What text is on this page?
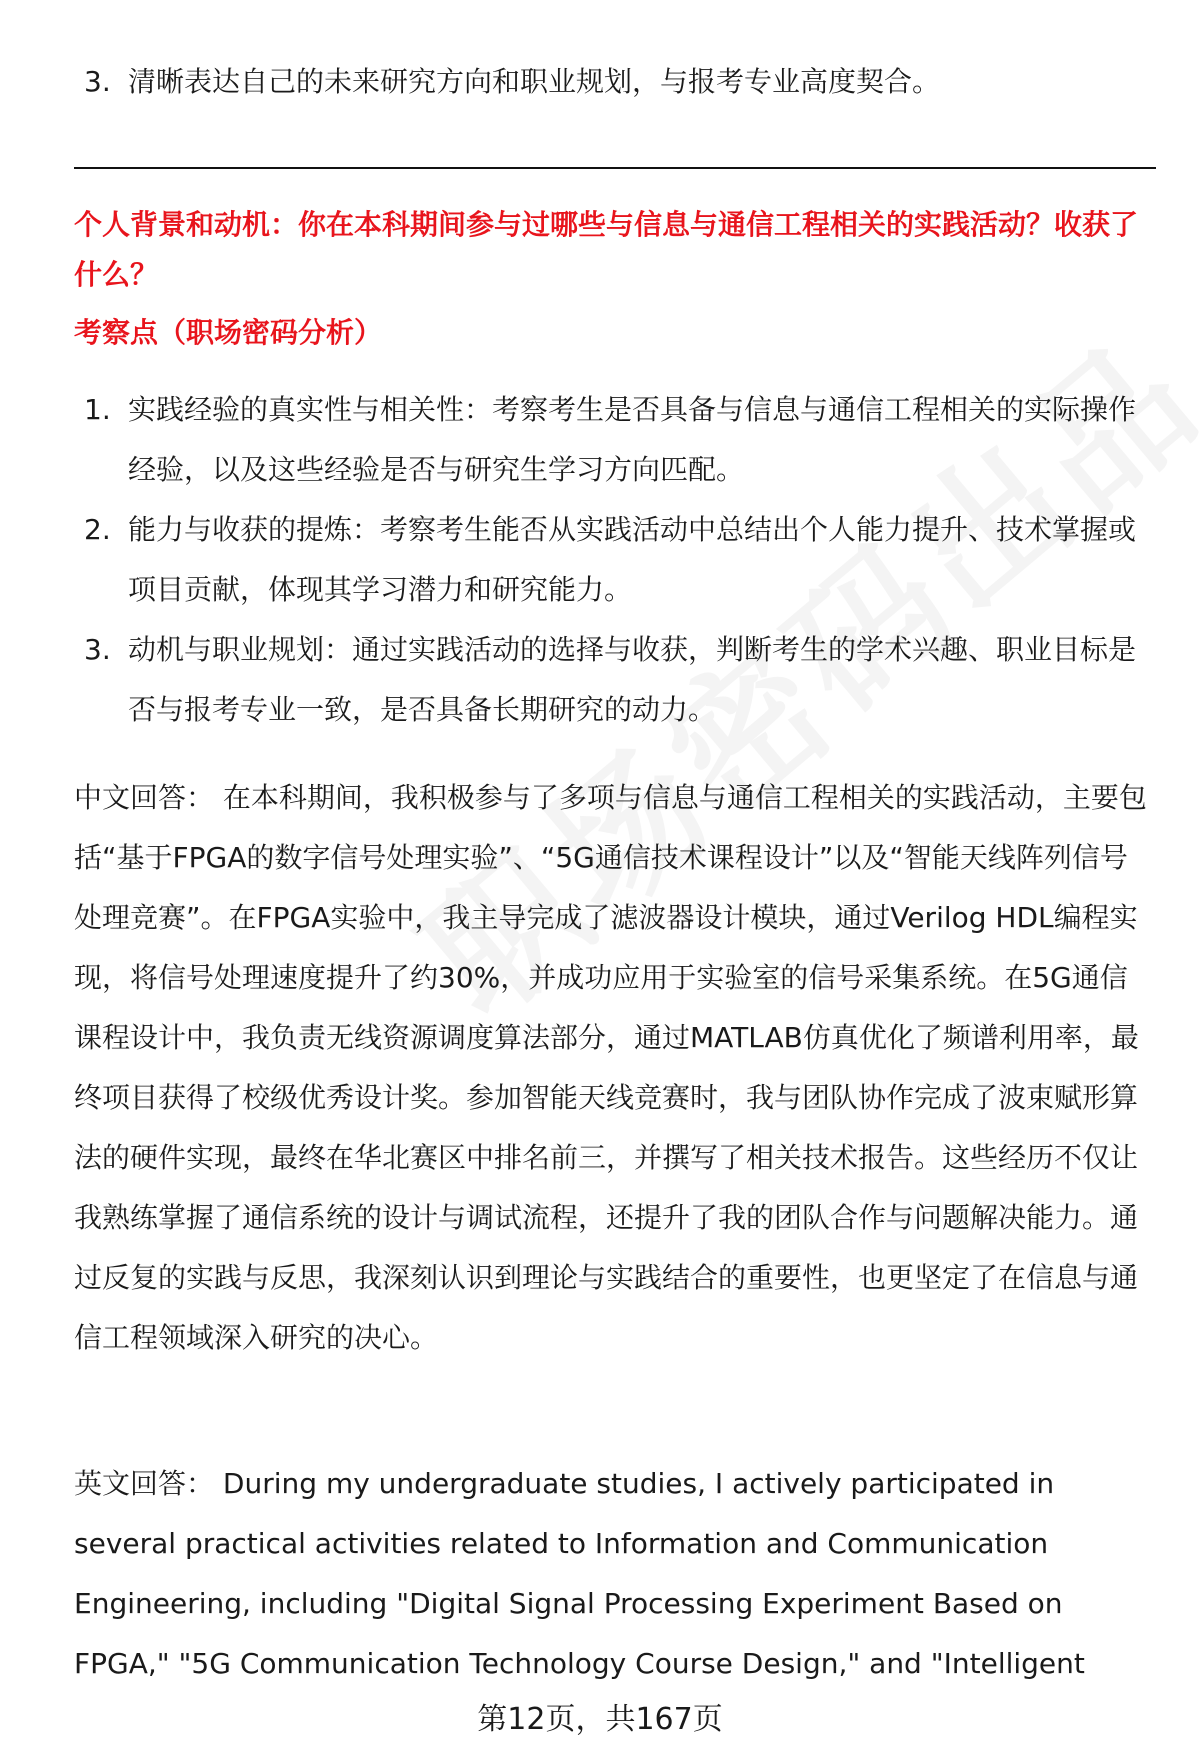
3. 清晰表达自己的未来研究方向和职业规划，与报考专业高度契合。

个人背景和动机：你在本科期间参与过哪些与信息与通信工程相关的实践活动？收获了什么？

考察点（职场密码分析）

1. 实践经验的真实性与相关性：考察考生是否具备与信息与通信工程相关的实际操作经验，以及这些经验是否与研究生学习方向匹配。
2. 能力与收获的提炼：考察考生能否从实践活动中总结出个人能力提升、技术掌握或项目贡献，体现其学习潜力和研究能力。
3. 动机与职业规划：通过实践活动的选择与收获，判断考生的学术兴趣、职业目标是否与报考专业一致，是否具备长期研究的动力。

中文回答： 在本科期间，我积极参与了多项与信息与通信工程相关的实践活动，主要包括“基于FPGA的数字信号处理实验”、“5G通信技术课程设计”以及“智能天线阵列信号处理竞赛”。在FPGA实验中，我主导完成了滤波器设计模块，通过Verilog HDL编程实现，将信号处理速度提升了约30%，并成功应用于实验室的信号采集系统。在5G通信课程设计中，我负责无线资源调度算法部分，通过MATLAB仿真优化了频谱利用率，最终项目获得了校级优秀设计奖。参加智能天线竞赛时，我与团队协作完成了波束赋形算法的硬件实现，最终在华北赛区中排名前三，并撰写了相关技术报告。这些经历不仅让我熟练掌握了通信系统的设计与调试流程，还提升了我的团队合作与问题解决能力。通过反复的实践与反思，我深刻认识到理论与实践结合的重要性，也更坚定了在信息与通信工程领域深入研究的决心。

英文回答： During my undergraduate studies, I actively participated in several practical activities related to Information and Communication Engineering, including "Digital Signal Processing Experiment Based on FPGA," "5G Communication Technology Course Design," and "Intelligent

第12页，共167页
